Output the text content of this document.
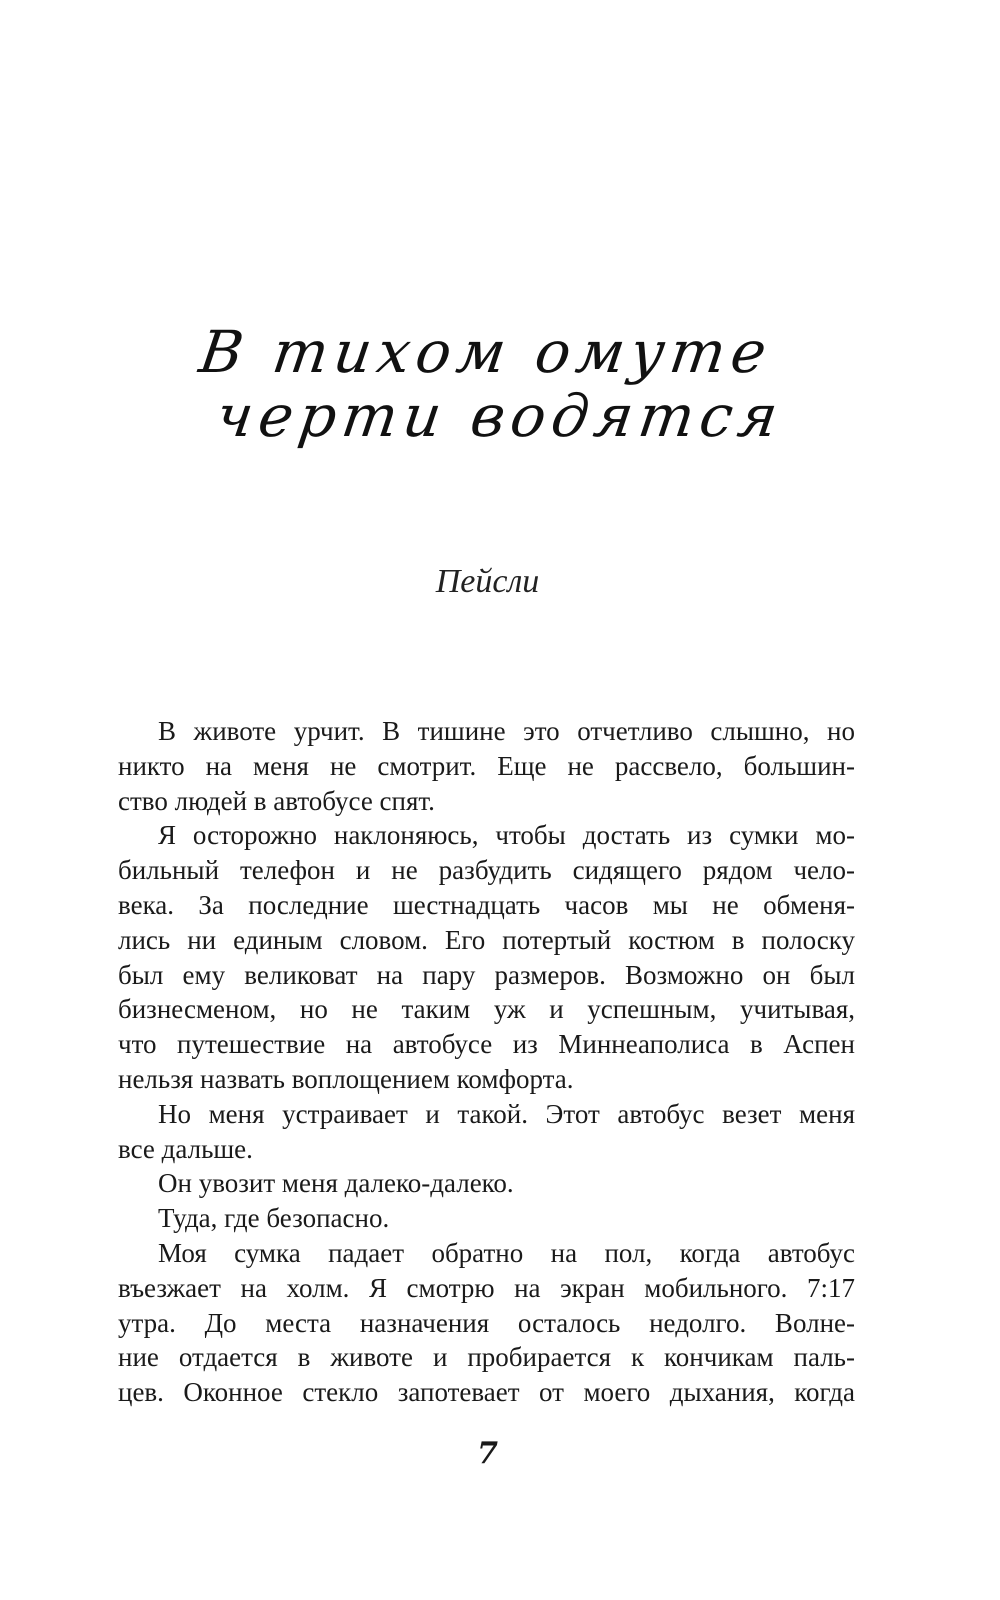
В тихом омуте
черти водятся
Пейсли
В животе урчит. В тишине это отчетливо слышно, но
никто на меня не смотрит. Еще не рассвело, большин-
ство людей в автобусе спят.
Я осторожно наклоняюсь, чтобы достать из сумки мо-
бильный телефон и не разбудить сидящего рядом чело-
века. За последние шестнадцать часов мы не обменя-
лись ни единым словом. Его потертый костюм в полоску
был ему великоват на пару размеров. Возможно он был
бизнесменом, но не таким уж и успешным, учитывая,
что путешествие на автобусе из Миннеаполиса в Аспен
нельзя назвать воплощением комфорта.
Но меня устраивает и такой. Этот автобус везет меня
все дальше.
Он увозит меня далеко-далеко.
Туда, где безопасно.
Моя сумка падает обратно на пол, когда автобус
въезжает на холм. Я смотрю на экран мобильного. 7:17
утра. До места назначения осталось недолго. Волне-
ние отдается в животе и пробирается к кончикам паль-
цев. Оконное стекло запотевает от моего дыхания, когда
7
